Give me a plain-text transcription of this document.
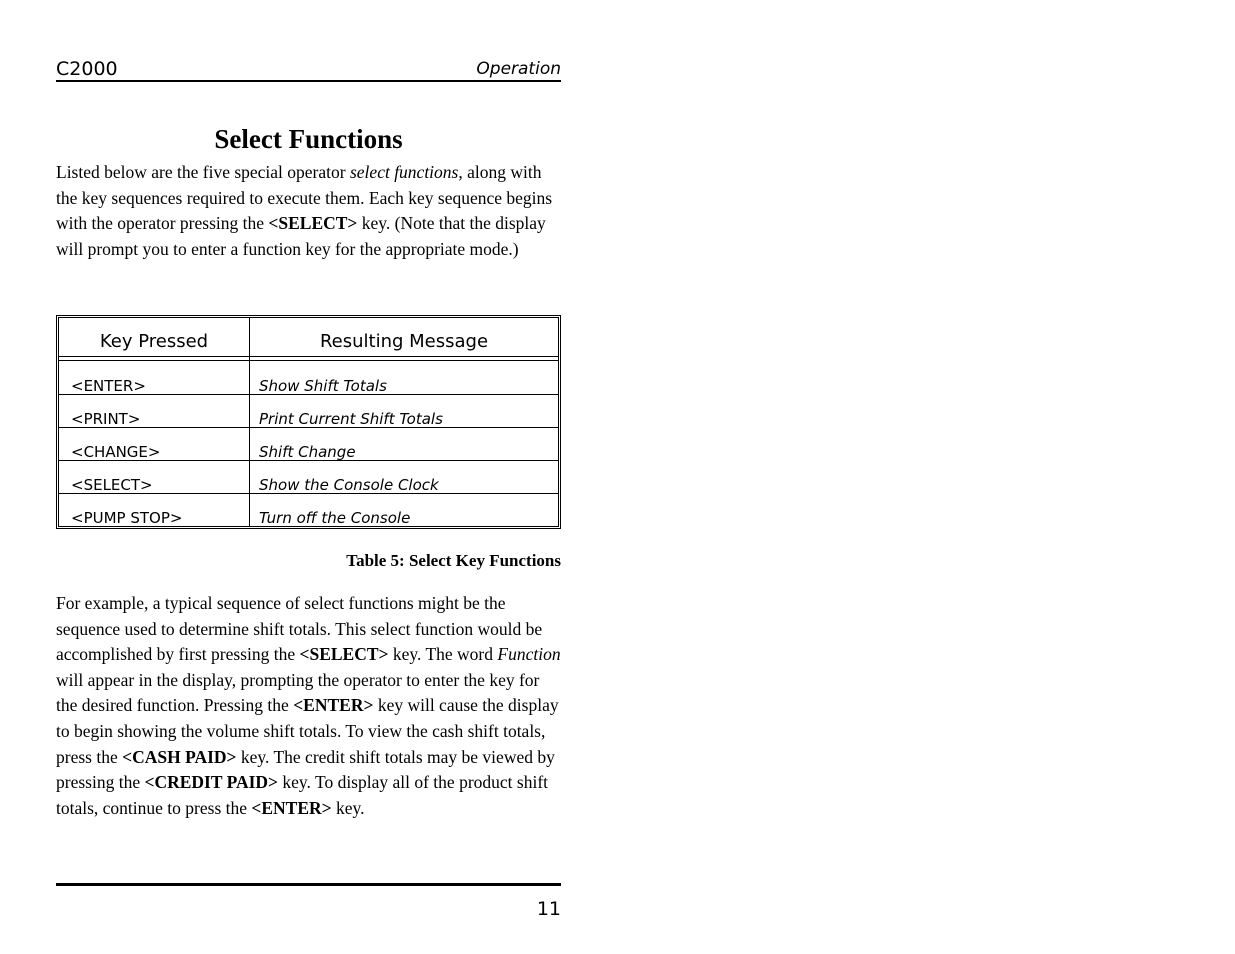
C2000	Operation
Select Functions

Listed below are the five special operator select functions, along with the key sequences required to execute them. Each key sequence begins with the operator pressing the <SELECT> key. (Note that the display will prompt you to enter a function key for the appropriate mode.)

Key Pressed	Resulting Message
<ENTER>	Show Shift Totals
<PRINT>	Print Current Shift Totals
<CHANGE>	Shift Change
<SELECT>	Show the Console Clock
<PUMP STOP>	Turn off the Console
Table 5: Select Key Functions

For example, a typical sequence of select functions might be the sequence used to determine shift totals. This select function would be accomplished by first pressing the <SELECT> key. The word Function will appear in the display, prompting the operator to enter the key for the desired function. Pressing the <ENTER> key will cause the display to begin showing the volume shift totals. To view the cash shift totals, press the <CASH PAID> key. The credit shift totals may be viewed by pressing the <CREDIT PAID> key. To display all of the product shift totals, continue to press the <ENTER> key.

11
